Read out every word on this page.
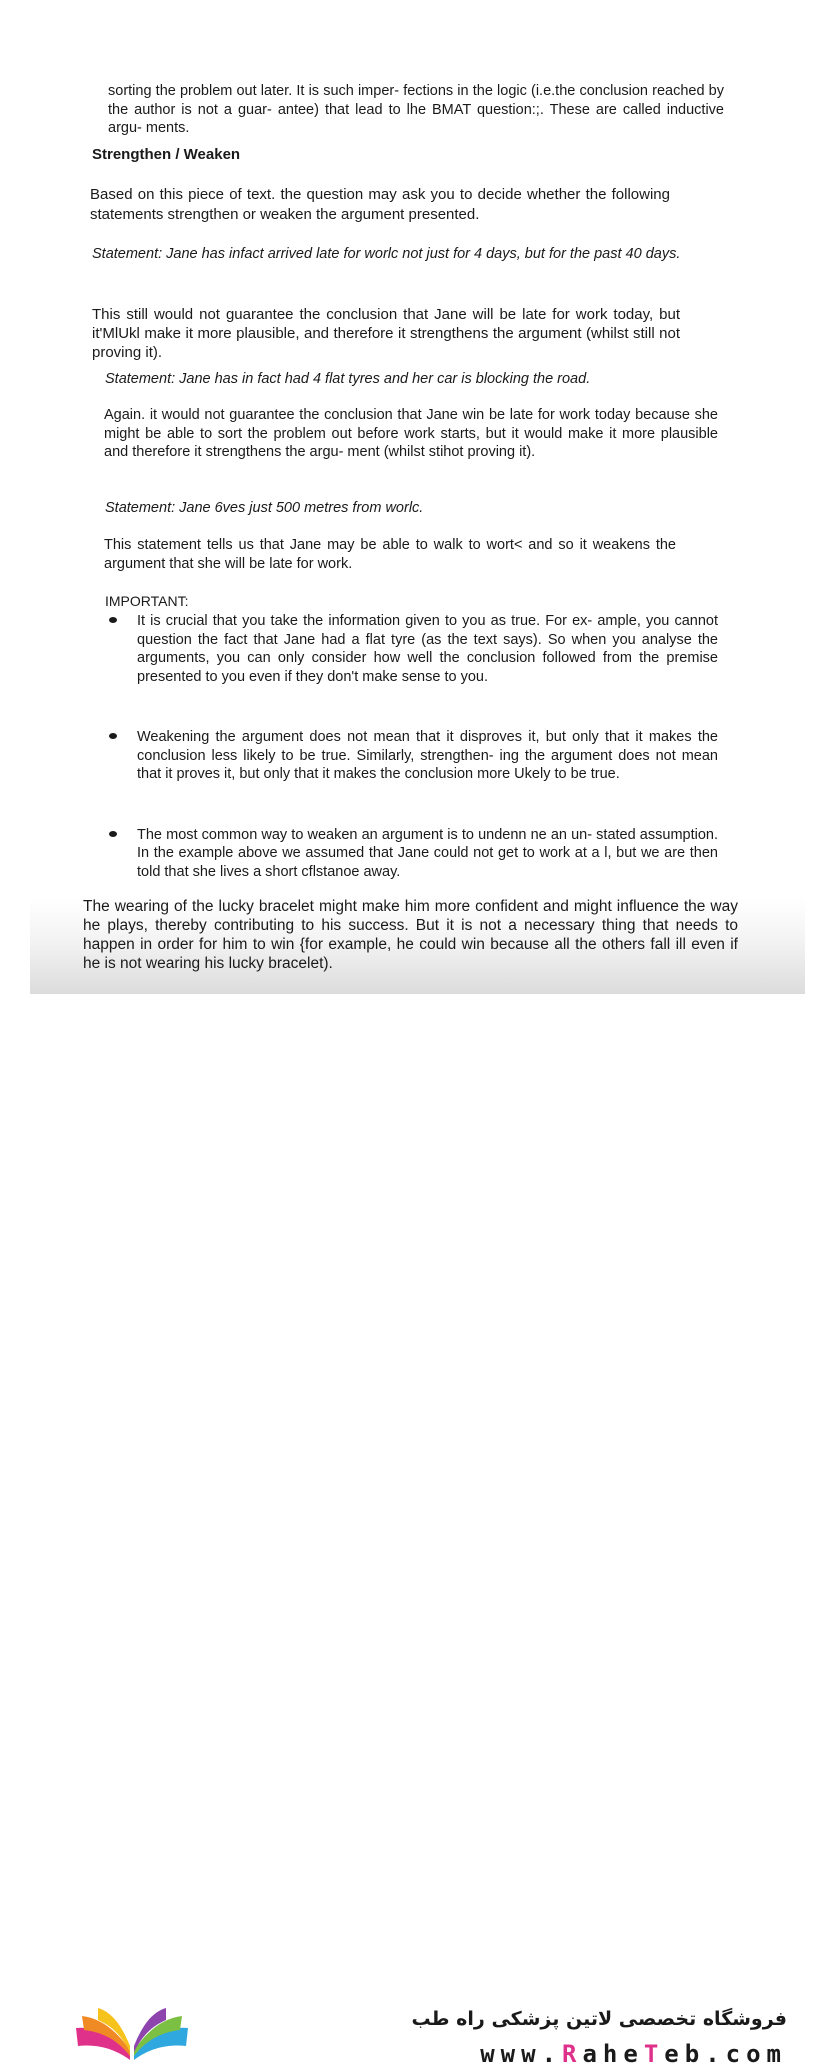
sorting the problem out later. It is such imper- fections in the logic (i.e.the conclusion reached by the author is not a guar- antee) that lead to lhe BMAT question:;. These are called inductive argu- ments.
Strengthen / Weaken
Based on this piece of text. the question may ask you to decide whether the following statements strengthen or weaken the argument presented.
Statement: Jane has infact arrived late for worlc not just for 4 days, but for the past 40 days.
This still would not guarantee the conclusion that Jane will be late for work today, but it'MlUkl make it more plausible, and therefore it strengthens the argument (whilst still not proving it).
Statement: Jane has in fact had 4 flat tyres and her car is blocking the road.
Again. it would not guarantee the conclusion that Jane win be late for work today because she might be able to sort the problem out before work starts, but it would make it more plausible and therefore it strengthens the argu- ment (whilst stihot proving it).
Statement: Jane 6ves just 500 metres from worlc.
This statement tells us that Jane may be able to walk to wort< and so it weakens the argument that she will be late for work.
IMPORTANT:
It is crucial that you take the information given to you as true. For ex- ample, you cannot question the fact that Jane had a flat tyre (as the text says). So when you analyse the arguments, you can only consider how well the conclusion followed from the premise presented to you even if they don't make sense to you.
Weakening the argument does not mean that it disproves it, but only that it makes the conclusion less likely to be true. Similarly, strengthen- ing the argument does not mean that it proves it, but only that it makes the conclusion more Ukely to be true.
The most common way to weaken an argument is to undenn ne an un- stated assumption. In the example above we assumed that Jane could not get to work at a l, but we are then told that she lives a short cflstanoe away.
The wearing of the lucky bracelet might make him more confident and might influence the way he plays, thereby contributing to his success. But it is not a necessary thing that needs to happen in order for him to win {for example, he could win because all the others fall ill even if he is not wearing his lucky bracelet).
فروشگاه تخصصی لاتین پزشکی راه طب
www.RaheTeb.com
